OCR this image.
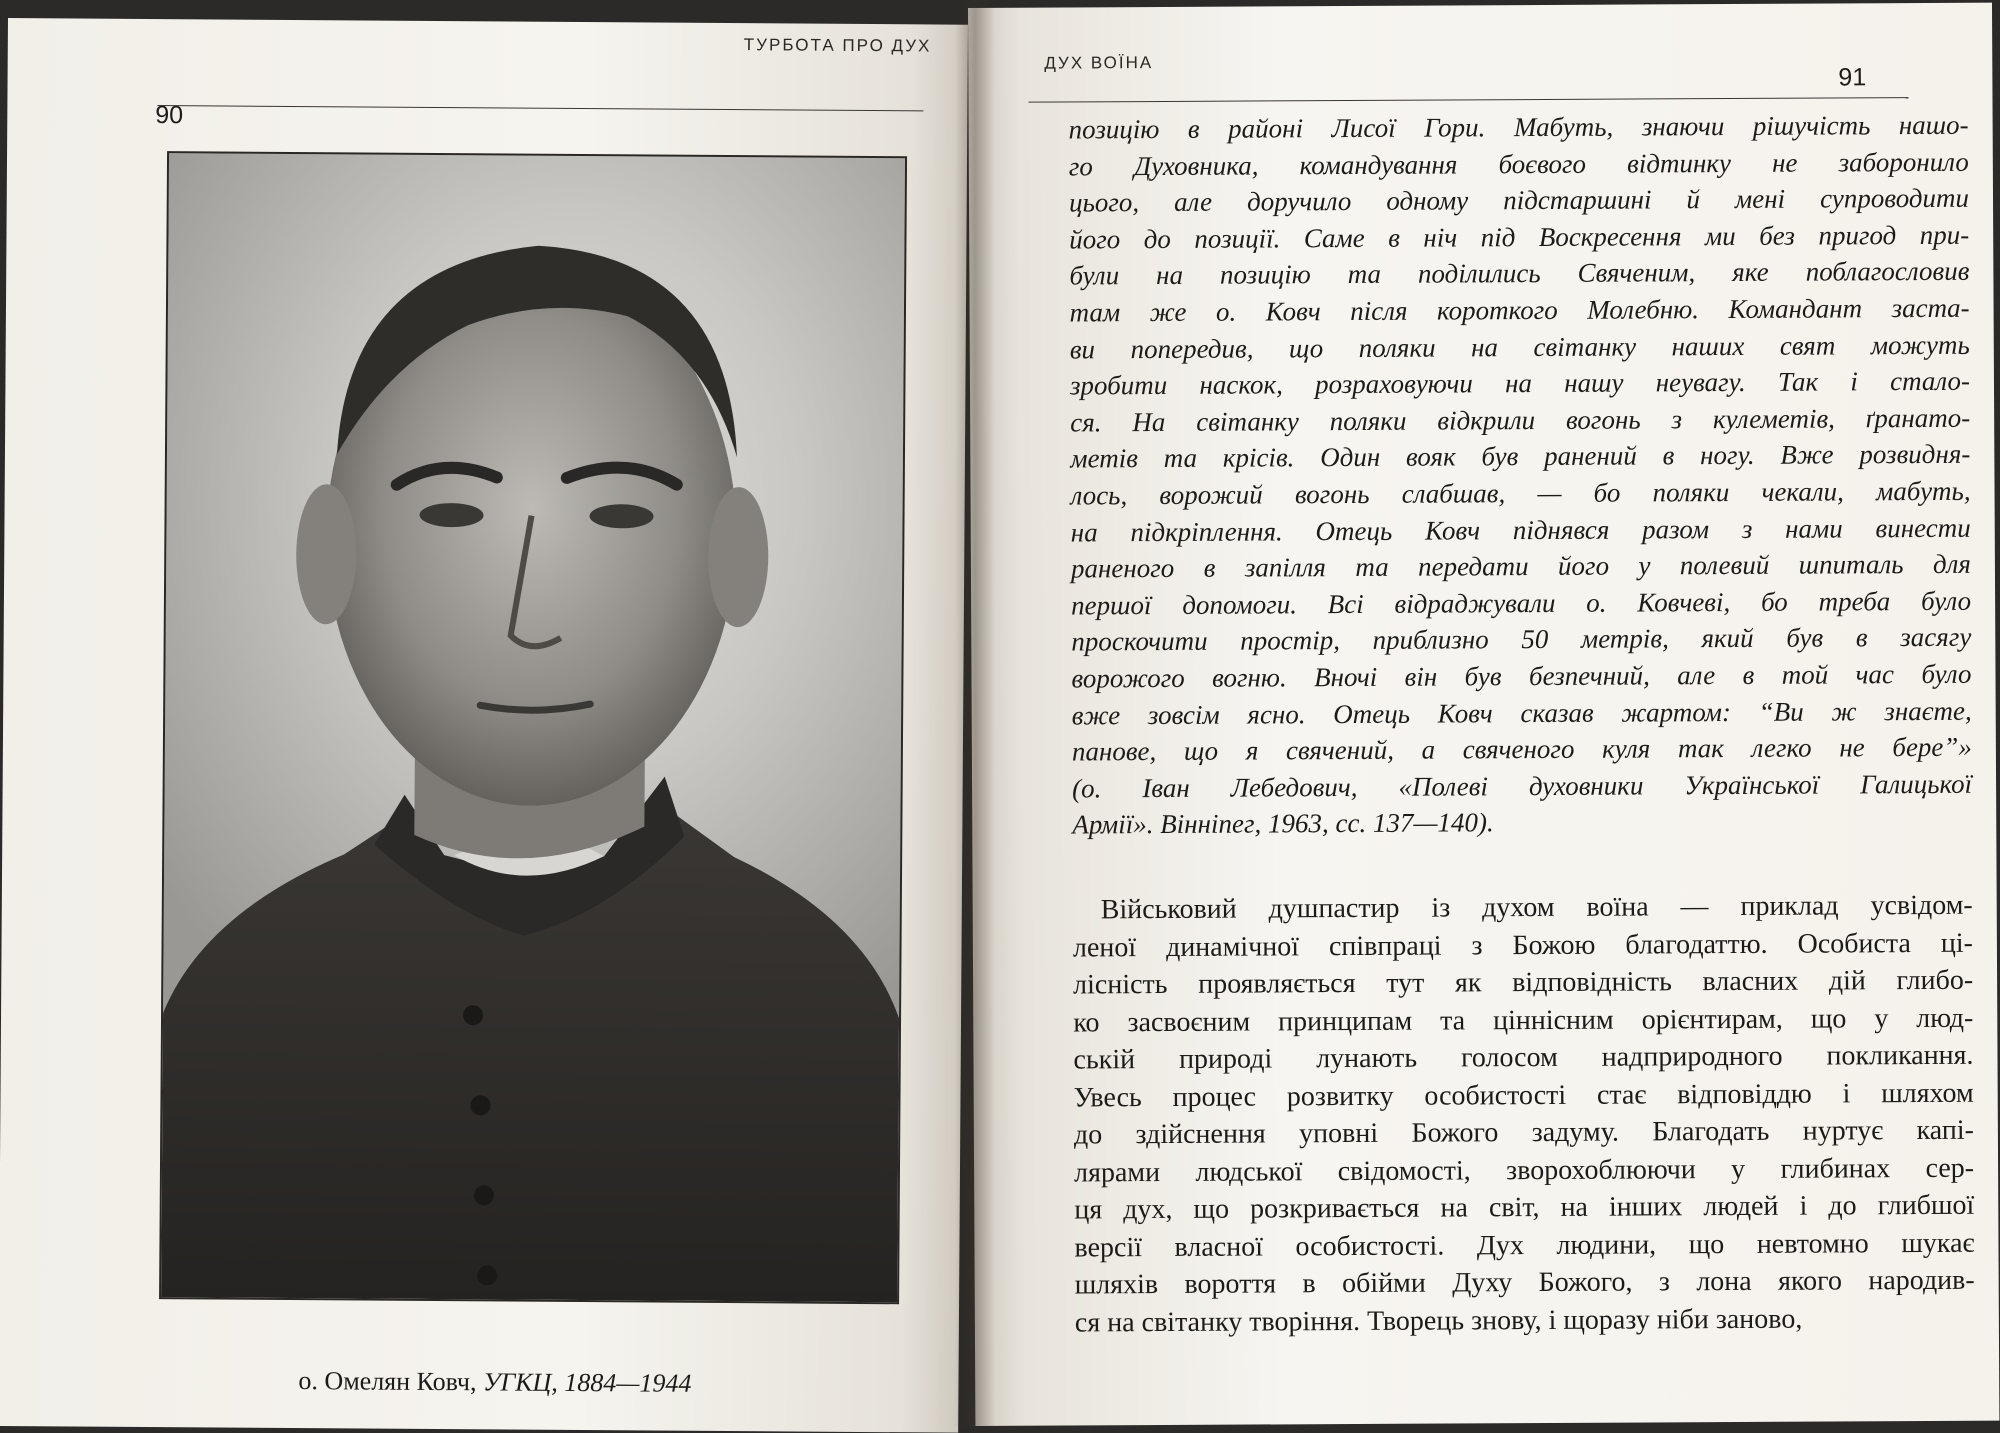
ТУРБОТА ПРО ДУХ
90
о. Омелян Ковч, УГКЦ, 1884—1944
ДУХ ВОЇНА
91
позицію в районі Лисої Гори. Мабуть, знаючи рішучість нашо-
го Духовника, командування боєвого відтинку не заборонило
цього, але доручило одному підстаршині й мені супроводити
його до позиції. Саме в ніч під Воскресення ми без пригод при-
були на позицію та поділились Свяченим, яке поблагословив
там же о. Ковч після короткого Молебню. Командант застa-
ви попередив, що поляки на світанку наших свят можуть
зробити наскок, розраховуючи на нашу неувагу. Так і стало-
ся. На світанку поляки відкрили вогонь з кулеметів, ґранато-
метів та крісів. Один вояк був ранений в ногу. Вже розвидня-
лось, ворожий вогонь слабшав, — бо поляки чекали, мабуть,
на підкріплення. Отець Ковч піднявся разом з нами винести
раненого в запілля та передати його у полевий шпиталь для
першої допомоги. Всі відраджували о. Ковчеві, бо треба було
проскочити простір, приблизно 50 метрів, який був в засягу
ворожого вогню. Вночі він був безпечний, але в той час було
вже зовсім ясно. Отець Ковч сказав жартом: “Ви ж знаєте,
панове, що я свячений, а свяченого куля так легко не бере”»
(о. Іван Лебедович, «Полеві духовники Української Галицької
Армії». Вінніпег, 1963, сс. 137—140).
Військовий душпастир із духом воїна — приклад усвідом-
леної динамічної співпраці з Божою благодаттю. Особиста ці-
лісність проявляється тут як відповідність власних дій глибо-
ко засвоєним принципам та ціннісним орієнтирам, що у люд-
ській природі лунають голосом надприродного покликання.
Увесь процес розвитку особистості стає відповіддю і шляхом
до здійснення уповні Божого задуму. Благодать нуртує капі-
лярами людської свідомості, зворохоблюючи у глибинах сер-
ця дух, що розкривається на світ, на інших людей і до глибшої
версії власної особистості. Дух людини, що невтомно шукає
шляхів вороття в обійми Духу Божого, з лона якого народив-
ся на світанку творіння. Творець знову, і щоразу ніби заново,
